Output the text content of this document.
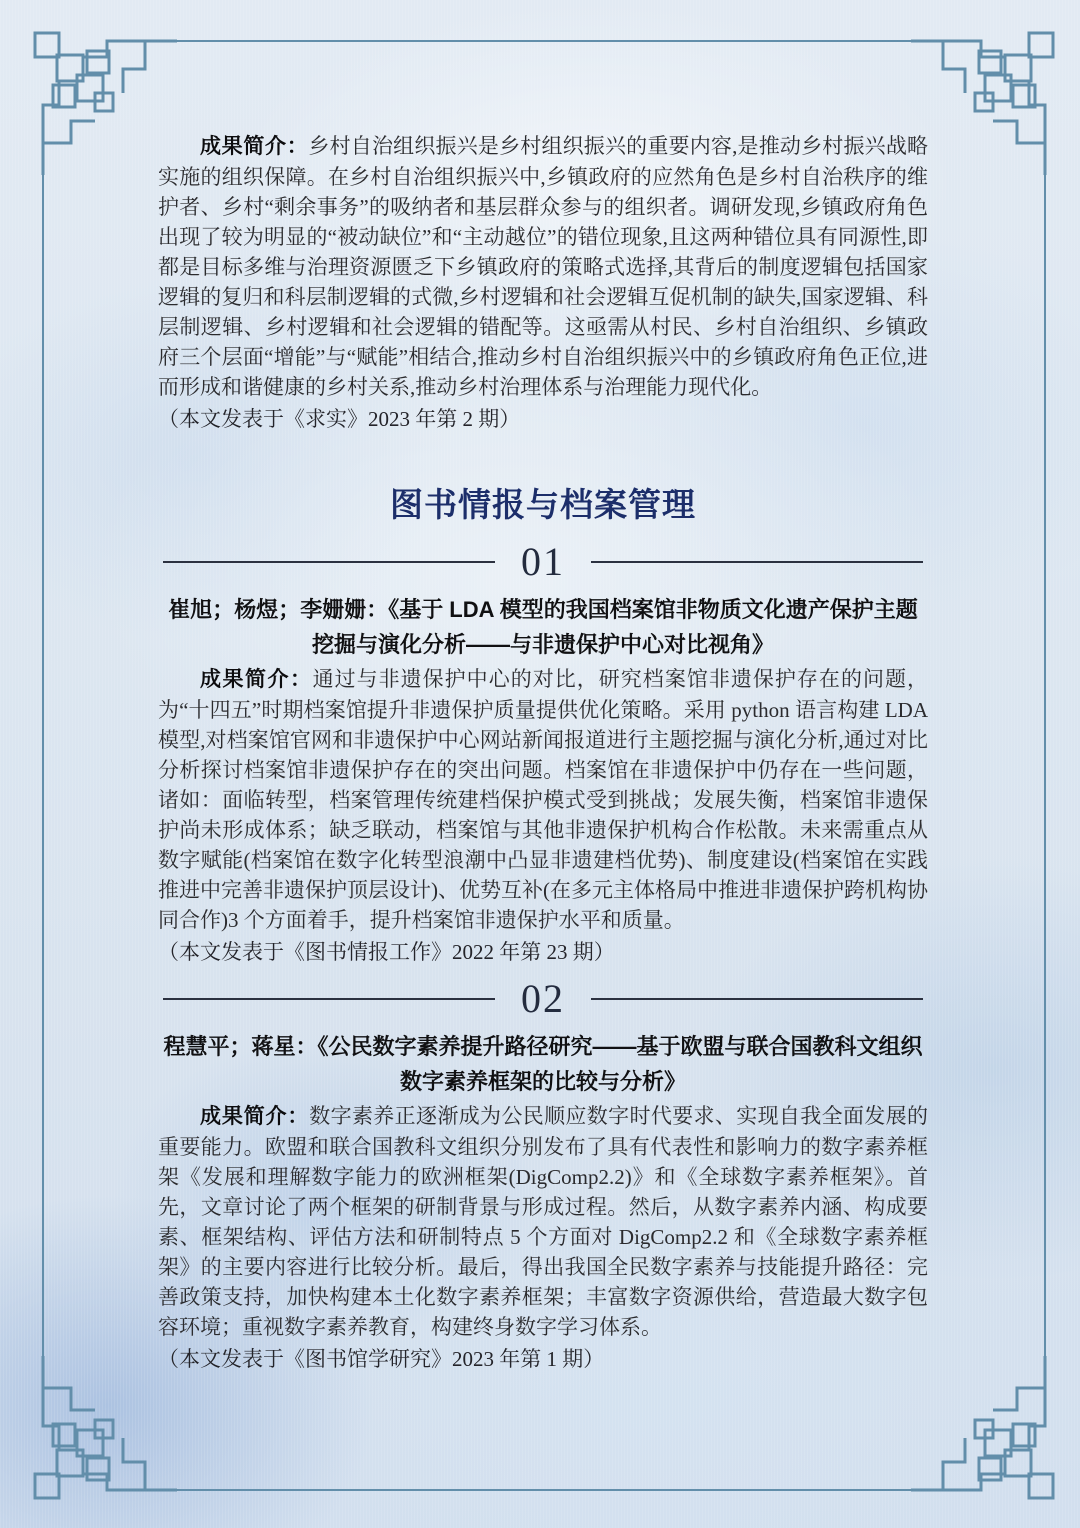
成果简介：乡村自治组织振兴是乡村组织振兴的重要内容,是推动乡村振兴战略实施的组织保障。在乡村自治组织振兴中,乡镇政府的应然角色是乡村自治秩序的维护者、乡村“剩余事务”的吸纳者和基层群众参与的组织者。调研发现,乡镇政府角色出现了较为明显的“被动缺位”和“主动越位”的错位现象,且这两种错位具有同源性,即都是目标多维与治理资源匮乏下乡镇政府的策略式选择,其背后的制度逻辑包括国家逻辑的复归和科层制逻辑的式微,乡村逻辑和社会逻辑互促机制的缺失,国家逻辑、科层制逻辑、乡村逻辑和社会逻辑的错配等。这亟需从村民、乡村自治组织、乡镇政府三个层面“增能”与“赋能”相结合,推动乡村自治组织振兴中的乡镇政府角色正位,进而形成和谐健康的乡村关系,推动乡村治理体系与治理能力现代化。

（本文发表于《求实》2023 年第 2 期）

图书情报与档案管理
01
崔旭；杨煜；李姗姗：《基于 LDA 模型的我国档案馆非物质文化遗产保护主题挖掘与演化分析——与非遗保护中心对比视角》

成果简介：通过与非遗保护中心的对比，研究档案馆非遗保护存在的问题，为“十四五”时期档案馆提升非遗保护质量提供优化策略。采用 python 语言构建 LDA 模型,对档案馆官网和非遗保护中心网站新闻报道进行主题挖掘与演化分析,通过对比分析探讨档案馆非遗保护存在的突出问题。档案馆在非遗保护中仍存在一些问题，诸如：面临转型，档案管理传统建档保护模式受到挑战；发展失衡，档案馆非遗保护尚未形成体系；缺乏联动，档案馆与其他非遗保护机构合作松散。未来需重点从数字赋能(档案馆在数字化转型浪潮中凸显非遗建档优势)、制度建设(档案馆在实践推进中完善非遗保护顶层设计)、优势互补(在多元主体格局中推进非遗保护跨机构协同合作)3 个方面着手，提升档案馆非遗保护水平和质量。

（本文发表于《图书情报工作》2022 年第 23 期）

02
程慧平；蒋星：《公民数字素养提升路径研究——基于欧盟与联合国教科文组织数字素养框架的比较与分析》

成果简介：数字素养正逐渐成为公民顺应数字时代要求、实现自我全面发展的重要能力。欧盟和联合国教科文组织分别发布了具有代表性和影响力的数字素养框架《发展和理解数字能力的欧洲框架(DigComp2.2)》和《全球数字素养框架》。首先，文章讨论了两个框架的研制背景与形成过程。然后，从数字素养内涵、构成要素、框架结构、评估方法和研制特点 5 个方面对 DigComp2.2 和《全球数字素养框架》的主要内容进行比较分析。最后，得出我国全民数字素养与技能提升路径：完善政策支持，加快构建本土化数字素养框架；丰富数字资源供给，营造最大数字包容环境；重视数字素养教育，构建终身数字学习体系。

（本文发表于《图书馆学研究》2023 年第 1 期）
